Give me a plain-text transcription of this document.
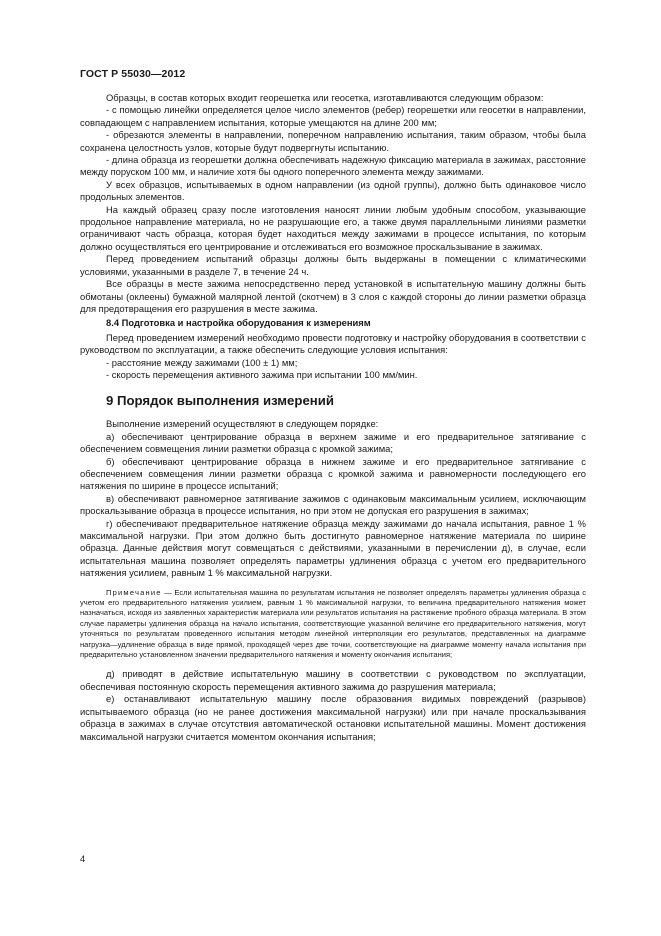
ГОСТ Р 55030—2012

Образцы, в состав которых входит георешетка или геосетка, изготавливаются следующим образом:

- с помощью линейки определяется целое число элементов (ребер) георешетки или геосетки в направлении, совпадающем с направлением испытания, которые умещаются на длине 200 мм;

- обрезаются элементы в направлении, поперечном направлению испытания, таким образом, чтобы была сохранена целостность узлов, которые будут подвергнуты испытанию.

- длина образца из георешетки должна обеспечивать надежную фиксацию материала в зажимах, расстояние между поруском 100 мм, и наличие хотя бы одного поперечного элемента между зажимами.

У всех образцов, испытываемых в одном направлении (из одной группы), должно быть одинаковое число продольных элементов.

На каждый образец сразу после изготовления наносят линии любым удобным способом, указывающие продольное направление материала, но не разрушающие его, а также двумя параллельными линиями разметки ограничивают часть образца, которая будет находиться между зажимами в процессе испытания, по которым должно осуществляться его центрирование и отслеживаться его возможное проскальзывание в зажимах.

Перед проведением испытаний образцы должны быть выдержаны в помещении с климатическими условиями, указанными в разделе 7, в течение 24 ч.

Все образцы в месте зажима непосредственно перед установкой в испытательную машину должны быть обмотаны (оклеены) бумажной малярной лентой (скотчем) в 3 слоя с каждой стороны до линии разметки образца для предотвращения его разрушения в месте зажима.

8.4 Подготовка и настройка оборудования к измерениям

Перед проведением измерений необходимо провести подготовку и настройку оборудования в соответствии с руководством по эксплуатации, а также обеспечить следующие условия испытания:

- расстояние между зажимами (100 ± 1) мм;

- скорость перемещения активного зажима при испытании 100 мм/мин.

9 Порядок выполнения измерений

Выполнение измерений осуществляют в следующем порядке:

а) обеспечивают центрирование образца в верхнем зажиме и его предварительное затягивание с обеспечением совмещения линии разметки образца с кромкой зажима;

б) обеспечивают центрирование образца в нижнем зажиме и его предварительное затягивание с обеспечением совмещения линии разметки образца с кромкой зажима и равномерности последующего его натяжения по ширине в процессе испытаний;

в) обеспечивают равномерное затягивание зажимов с одинаковым максимальным усилием, исключающим проскальзывание образца в процессе испытания, но при этом не допуская его разрушения в зажимах;

г) обеспечивают предварительное натяжение образца между зажимами до начала испытания, равное 1 % максимальной нагрузки. При этом должно быть достигнуто равномерное натяжение материала по ширине образца. Данные действия могут совмещаться с действиями, указанными в перечислении д), в случае, если испытательная машина позволяет определять параметры удлинения образца с учетом его предварительного натяжения усилием, равным 1 % максимальной нагрузки.

Примечание — Если испытательная машина по результатам испытания не позволяет определять параметры удлинения образца с учетом его предварительного натяжения усилием, равным 1 % максимальной нагрузки, то величина предварительного натяжения может назначаться, исходя из заявленных характеристик материала или результатов испытания на растяжение пробного образца материала. В этом случае параметры удлинения образца на начало испытания, соответствующие указанной величине его предварительного натяжения, могут уточняться по результатам проведенного испытания методом линейной интерполяции его результатов, представленных на диаграмме нагрузка—удлинение образца в виде прямой, проходящей через две точки, соответствующие на диаграмме моменту начала испытания при предварительно установленном значении предварительного натяжения и моменту окончания испытания;

д) приводят в действие испытательную машину в соответствии с руководством по эксплуатации, обеспечивая постоянную скорость перемещения активного зажима до разрушения материала;

е) останавливают испытательную машину после образования видимых повреждений (разрывов) испытываемого образца (но не ранее достижения максимальной нагрузки) или при начале проскальзывания образца в зажимах в случае отсутствия автоматической остановки испытательной машины. Момент достижения максимальной нагрузки считается моментом окончания испытания;

4
